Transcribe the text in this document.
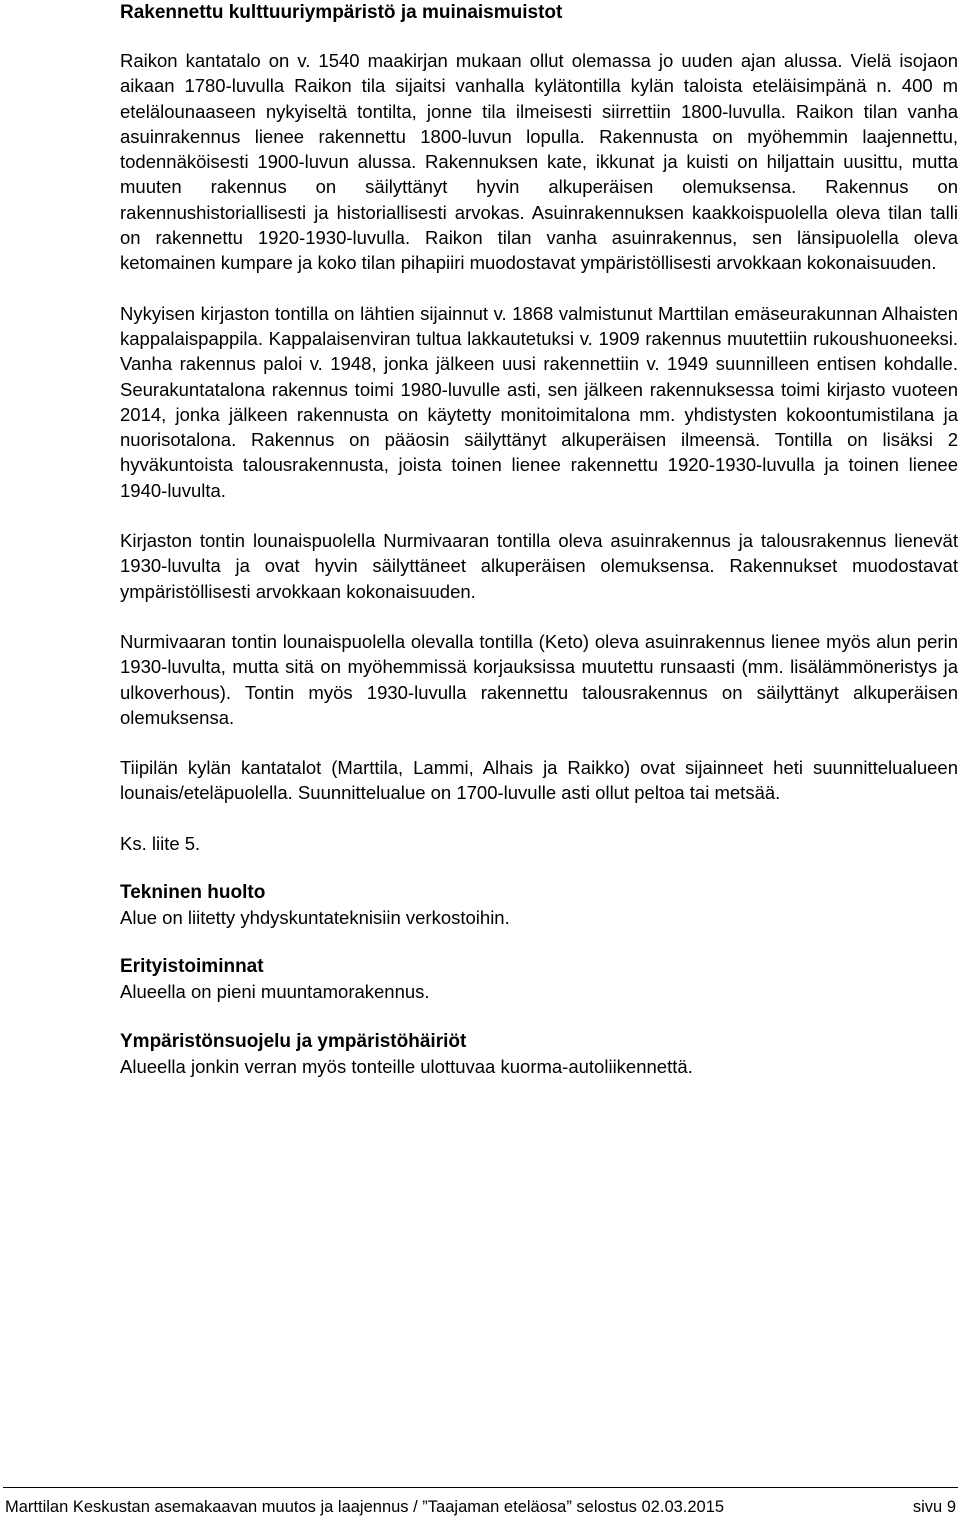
Rakennettu kulttuuriympäristö ja muinaismuistot

Raikon kantatalo on v. 1540 maakirjan mukaan ollut olemassa jo uuden ajan alussa. Vielä isojaon aikaan 1780-luvulla Raikon tila sijaitsi vanhalla kylätontilla kylän taloista eteläisimpänä n. 400 m etelälounaaseen nykyiseltä tontilta, jonne tila ilmeisesti siirrettiin 1800-luvulla. Raikon tilan vanha asuinrakennus lienee rakennettu 1800-luvun lopulla. Rakennusta on myöhemmin laajennettu, todennäköisesti 1900-luvun alussa. Rakennuksen kate, ikkunat ja kuisti on hiljattain uusittu, mutta muuten rakennus on säilyttänyt hyvin alkuperäisen olemuksensa. Rakennus on rakennushistoriallisesti ja historiallisesti arvokas. Asuinrakennuksen kaakkoispuolella oleva tilan talli on rakennettu 1920-1930-luvulla. Raikon tilan vanha asuinrakennus, sen länsipuolella oleva ketomainen kumpare ja koko tilan pihapiiri muodostavat ympäristöllisesti arvokkaan kokonaisuuden.

Nykyisen kirjaston tontilla on lähtien sijainnut v. 1868 valmistunut Marttilan emäseurakunnan Alhaisten kappalaispappila. Kappalaisenviran tultua lakkautetuksi v. 1909 rakennus muutettiin rukoushuoneeksi. Vanha rakennus paloi v. 1948, jonka jälkeen uusi rakennettiin v. 1949 suunnilleen entisen kohdalle. Seurakuntatalona rakennus toimi 1980-luvulle asti, sen jälkeen rakennuksessa toimi kirjasto vuoteen 2014, jonka jälkeen rakennusta on käytetty monitoimitalona mm. yhdistysten kokoontumistilana ja nuorisotalona. Rakennus on pääosin säilyttänyt alkuperäisen ilmeensä. Tontilla on lisäksi 2 hyväkuntoista talousrakennusta, joista toinen lienee rakennettu 1920-1930-luvulla ja toinen lienee 1940-luvulta.

Kirjaston tontin lounaispuolella Nurmivaaran tontilla oleva asuinrakennus ja talousrakennus lienevät 1930-luvulta ja ovat hyvin säilyttäneet alkuperäisen olemuksensa. Rakennukset muodostavat ympäristöllisesti arvokkaan kokonaisuuden.

Nurmivaaran tontin lounaispuolella olevalla tontilla (Keto) oleva asuinrakennus lienee myös alun perin 1930-luvulta, mutta sitä on myöhemmissä korjauksissa muutettu runsaasti (mm. lisälämmöneristys ja ulkoverhous). Tontin myös 1930-luvulla rakennettu talousrakennus on säilyttänyt alkuperäisen olemuksensa.

Tiipilän kylän kantatalot (Marttila, Lammi, Alhais ja Raikko) ovat sijainneet heti suunnittelualueen lounais/eteläpuolella. Suunnittelualue on 1700-luvulle asti ollut peltoa tai metsää.

Ks. liite 5.

Tekninen huolto

Alue on liitetty yhdyskuntateknisiin verkostoihin.

Erityistoiminnat

Alueella on pieni muuntamorakennus.

Ympäristönsuojelu ja ympäristöhäiriöt

Alueella jonkin verran myös tonteille ulottuvaa kuorma-autoliikennettä.

Marttilan Keskustan asemakaavan muutos ja laajennus / ”Taajaman eteläosa” selostus 02.03.2015	sivu 9
